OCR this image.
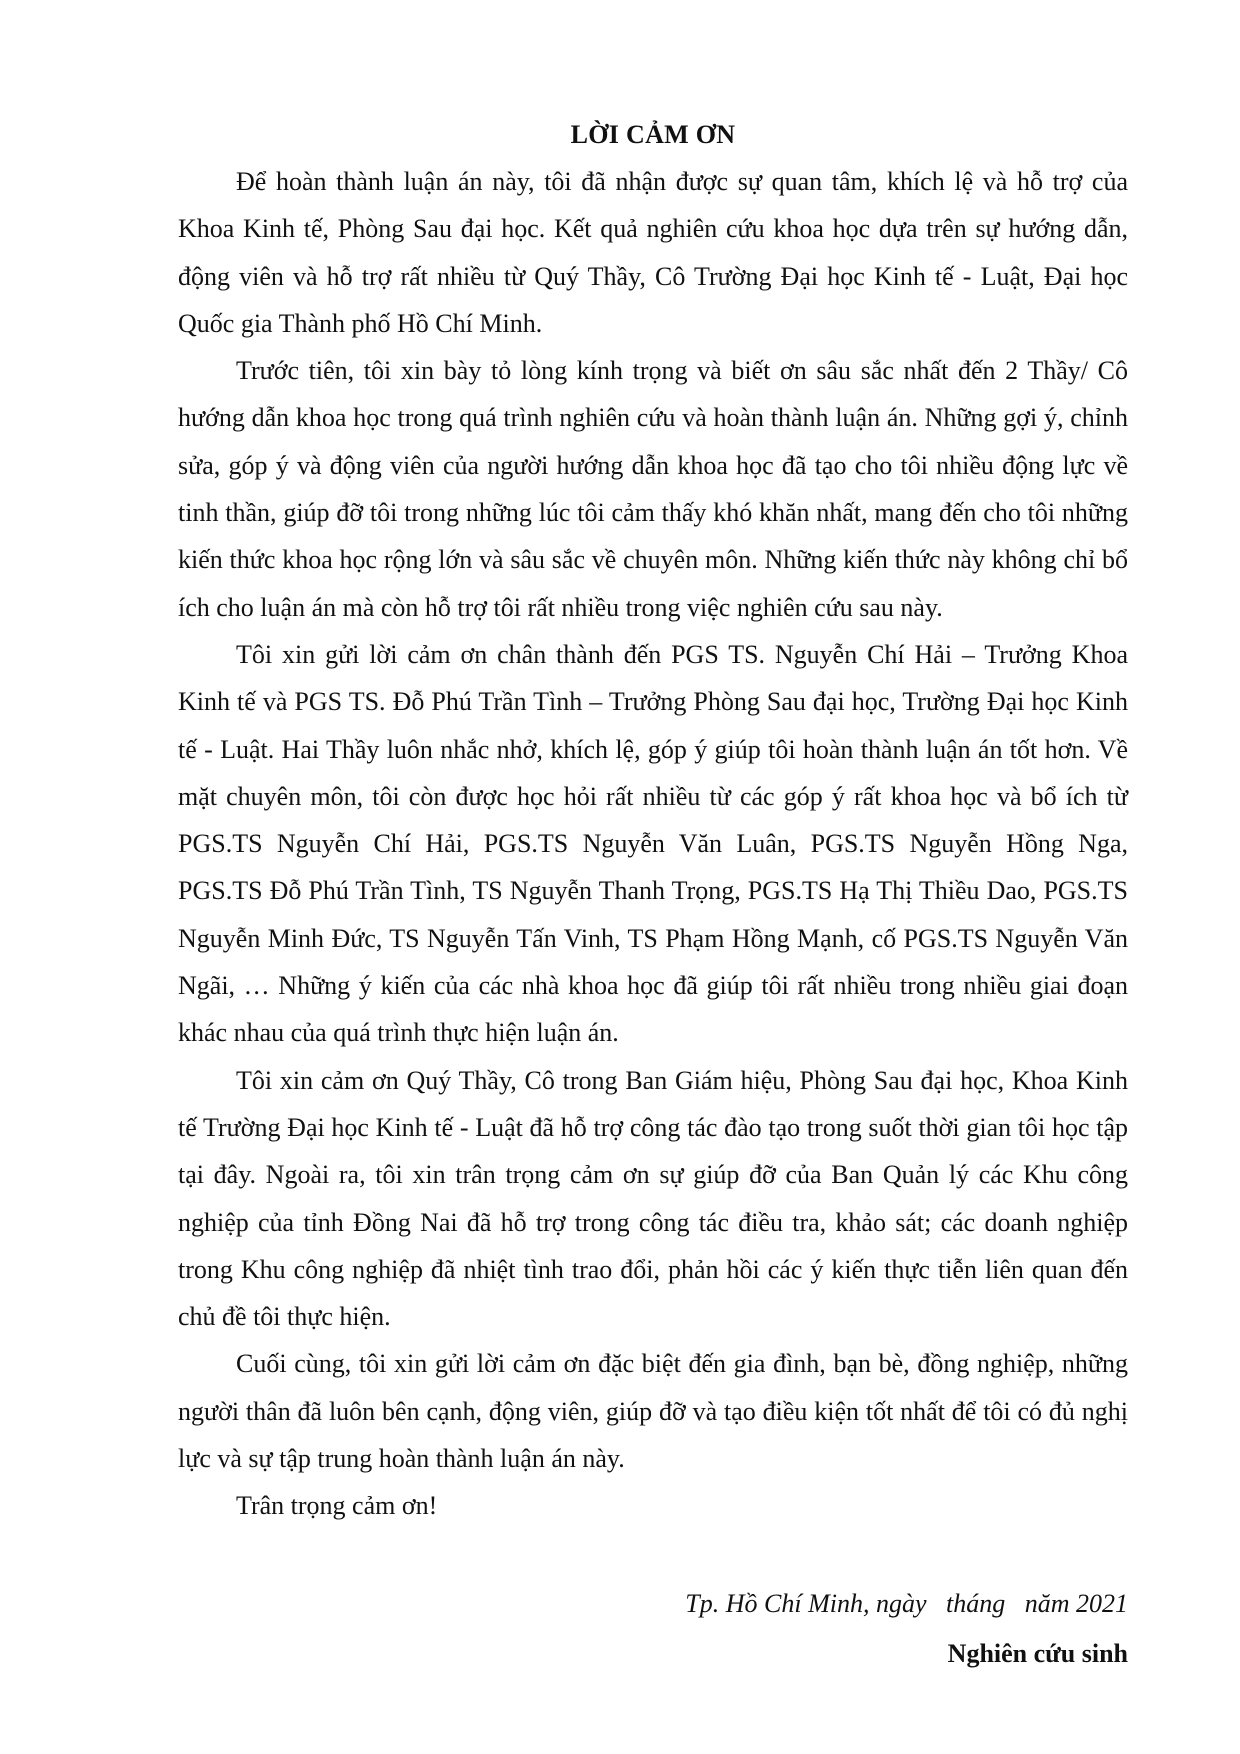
LỜI CẢM ƠN

Để hoàn thành luận án này, tôi đã nhận được sự quan tâm, khích lệ và hỗ trợ của Khoa Kinh tế, Phòng Sau đại học. Kết quả nghiên cứu khoa học dựa trên sự hướng dẫn, động viên và hỗ trợ rất nhiều từ Quý Thầy, Cô Trường Đại học Kinh tế - Luật, Đại học Quốc gia Thành phố Hồ Chí Minh.

Trước tiên, tôi xin bày tỏ lòng kính trọng và biết ơn sâu sắc nhất đến 2 Thầy/ Cô hướng dẫn khoa học trong quá trình nghiên cứu và hoàn thành luận án. Những gợi ý, chỉnh sửa, góp ý và động viên của người hướng dẫn khoa học đã tạo cho tôi nhiều động lực về tinh thần, giúp đỡ tôi trong những lúc tôi cảm thấy khó khăn nhất, mang đến cho tôi những kiến thức khoa học rộng lớn và sâu sắc về chuyên môn. Những kiến thức này không chỉ bổ ích cho luận án mà còn hỗ trợ tôi rất nhiều trong việc nghiên cứu sau này.

Tôi xin gửi lời cảm ơn chân thành đến PGS TS. Nguyễn Chí Hải – Trưởng Khoa Kinh tế và PGS TS. Đỗ Phú Trần Tình – Trưởng Phòng Sau đại học, Trường Đại học Kinh tế - Luật. Hai Thầy luôn nhắc nhở, khích lệ, góp ý giúp tôi hoàn thành luận án tốt hơn. Về mặt chuyên môn, tôi còn được học hỏi rất nhiều từ các góp ý rất khoa học và bổ ích từ PGS.TS Nguyễn Chí Hải, PGS.TS Nguyễn Văn Luân, PGS.TS Nguyễn Hồng Nga, PGS.TS Đỗ Phú Trần Tình, TS Nguyễn Thanh Trọng, PGS.TS Hạ Thị Thiều Dao, PGS.TS Nguyễn Minh Đức, TS Nguyễn Tấn Vinh, TS Phạm Hồng Mạnh, cố PGS.TS Nguyễn Văn Ngãi, … Những ý kiến của các nhà khoa học đã giúp tôi rất nhiều trong nhiều giai đoạn khác nhau của quá trình thực hiện luận án.

Tôi xin cảm ơn Quý Thầy, Cô trong Ban Giám hiệu, Phòng Sau đại học, Khoa Kinh tế Trường Đại học Kinh tế - Luật đã hỗ trợ công tác đào tạo trong suốt thời gian tôi học tập tại đây. Ngoài ra, tôi xin trân trọng cảm ơn sự giúp đỡ của Ban Quản lý các Khu công nghiệp của tỉnh Đồng Nai đã hỗ trợ trong công tác điều tra, khảo sát; các doanh nghiệp trong Khu công nghiệp đã nhiệt tình trao đổi, phản hồi các ý kiến thực tiễn liên quan đến chủ đề tôi thực hiện.

Cuối cùng, tôi xin gửi lời cảm ơn đặc biệt đến gia đình, bạn bè, đồng nghiệp, những người thân đã luôn bên cạnh, động viên, giúp đỡ và tạo điều kiện tốt nhất để tôi có đủ nghị lực và sự tập trung hoàn thành luận án này.

Trân trọng cảm ơn!

Tp. Hồ Chí Minh, ngày   tháng   năm 2021
Nghiên cứu sinh
